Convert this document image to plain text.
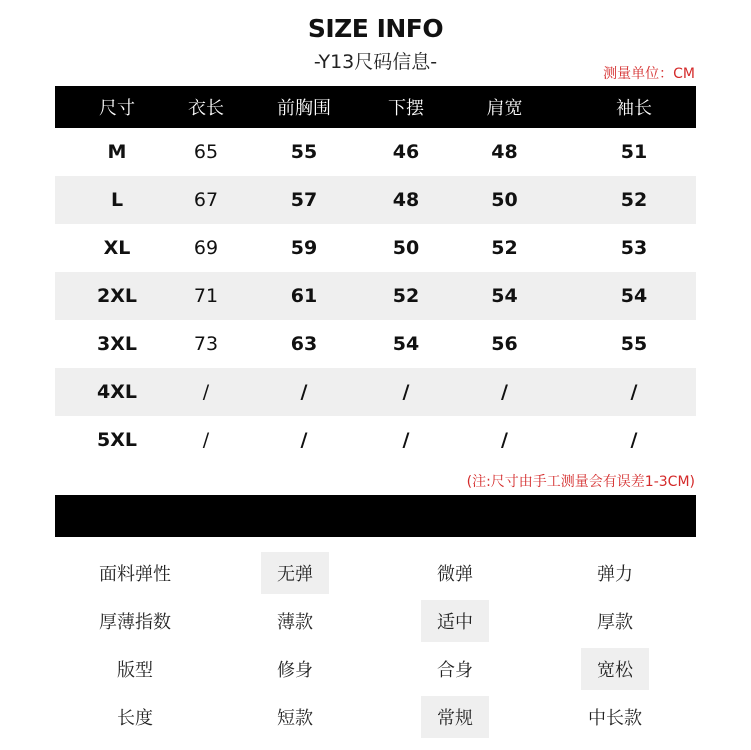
SIZE INFO
-Y13尺码信息-
测量单位：CM
尺寸	衣长	前胸围	下摆	肩宽	袖长
M	65	55	46	48	51
L	67	57	48	50	52
XL	69	59	50	52	53
2XL	71	61	52	54	54
3XL	73	63	54	56	55
4XL	/	/	/	/	/
5XL	/	/	/	/	/
(注:尺寸由手工测量会有误差1-3CM)
面料弹性	无弹	微弹	弹力
厚薄指数	薄款	适中	厚款
版型	修身	合身	宽松
长度	短款	常规	中长款
